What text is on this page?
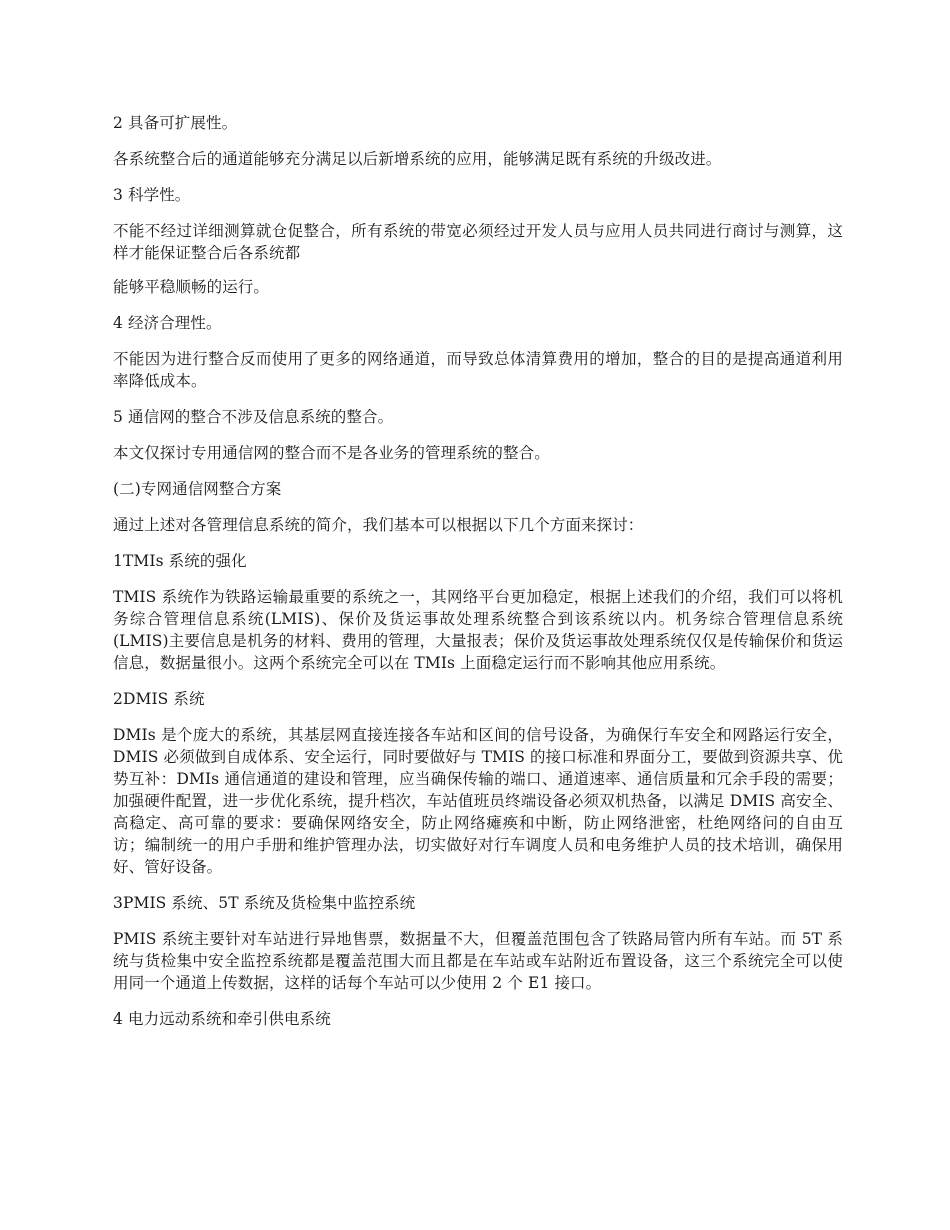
2 具备可扩展性。

各系统整合后的通道能够充分满足以后新增系统的应用，能够满足既有系统的升级改进。

3 科学性。

不能不经过详细测算就仓促整合，所有系统的带宽必须经过开发人员与应用人员共同进行商讨与测算，这样才能保证整合后各系统都

能够平稳顺畅的运行。

4 经济合理性。

不能因为进行整合反而使用了更多的网络通道，而导致总体清算费用的增加，整合的目的是提高通道利用率降低成本。

5 通信网的整合不涉及信息系统的整合。

本文仅探讨专用通信网的整合而不是各业务的管理系统的整合。

(二)专网通信网整合方案

通过上述对各管理信息系统的简介，我们基本可以根据以下几个方面来探讨：

1TMIs 系统的强化

TMIS 系统作为铁路运输最重要的系统之一，其网络平台更加稳定，根据上述我们的介绍，我们可以将机务综合管理信息系统(LMIS)、保价及货运事故处理系统整合到该系统以内。机务综合管理信息系统(LMIS)主要信息是机务的材料、费用的管理，大量报表；保价及货运事故处理系统仅仅是传输保价和货运信息，数据量很小。这两个系统完全可以在 TMIs 上面稳定运行而不影响其他应用系统。

2DMIS 系统

DMIs 是个庞大的系统，其基层网直接连接各车站和区间的信号设备，为确保行车安全和网路运行安全，DMIS 必须做到自成体系、安全运行，同时要做好与 TMIS 的接口标准和界面分工，要做到资源共享、优势互补：DMIs 通信通道的建设和管理，应当确保传输的端口、通道速率、通信质量和冗余手段的需要；加强硬件配置，进一步优化系统，提升档次，车站值班员终端设备必须双机热备，以满足 DMIS 高安全、高稳定、高可靠的要求：要确保网络安全，防止网络瘫痪和中断，防止网络泄密，杜绝网络问的自由互访；编制统一的用户手册和维护管理办法，切实做好对行车调度人员和电务维护人员的技术培训，确保用好、管好设备。

3PMIS 系统、5T 系统及货检集中监控系统

PMIS 系统主要针对车站进行异地售票，数据量不大，但覆盖范围包含了铁路局管内所有车站。而 5T 系统与货检集中安全监控系统都是覆盖范围大而且都是在车站或车站附近布置设备，这三个系统完全可以使用同一个通道上传数据，这样的话每个车站可以少使用 2 个 E1 接口。

4 电力远动系统和牵引供电系统
